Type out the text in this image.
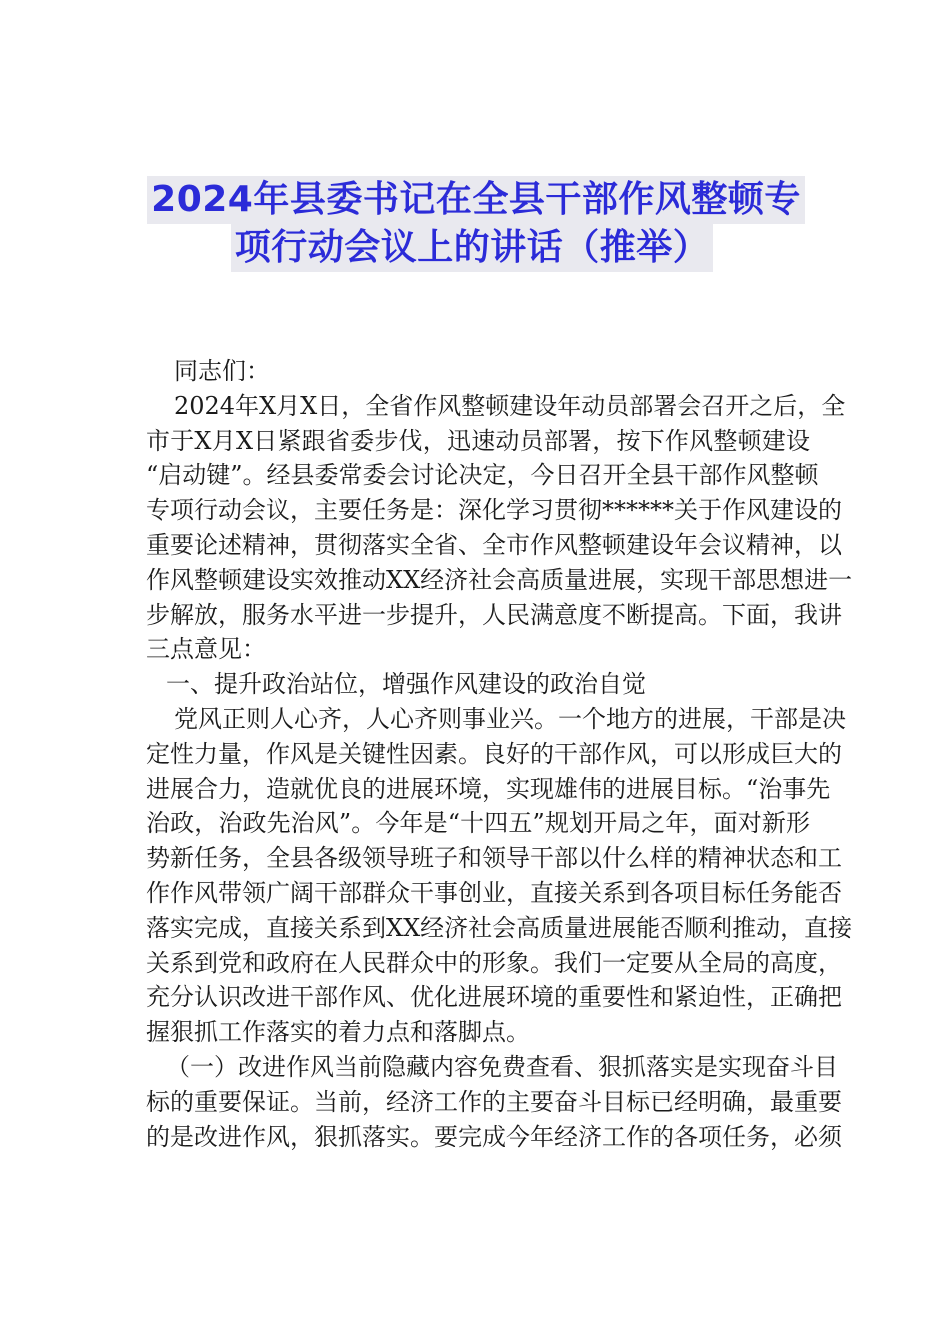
2024年县委书记在全县干部作风整顿专
项行动会议上的讲话（推举）

同志们：

2024年X月X日，全省作风整顿建设年动员部署会召开之后，全
市于X月X日紧跟省委步伐，迅速动员部署，按下作风整顿建设
“启动键”。经县委常委会讨论决定，今日召开全县干部作风整顿
专项行动会议，主要任务是：深化学习贯彻******关于作风建设的
重要论述精神，贯彻落实全省、全市作风整顿建设年会议精神，以
作风整顿建设实效推动XX经济社会高质量进展，实现干部思想进一
步解放，服务水平进一步提升，人民满意度不断提高。下面，我讲
三点意见：

一、提升政治站位，增强作风建设的政治自觉

党风正则人心齐，人心齐则事业兴。一个地方的进展，干部是决
定性力量，作风是关键性因素。良好的干部作风，可以形成巨大的
进展合力，造就优良的进展环境，实现雄伟的进展目标。“治事先
治政，治政先治风”。今年是“十四五”规划开局之年，面对新形
势新任务，全县各级领导班子和领导干部以什么样的精神状态和工
作作风带领广阔干部群众干事创业，直接关系到各项目标任务能否
落实完成，直接关系到XX经济社会高质量进展能否顺利推动，直接
关系到党和政府在人民群众中的形象。我们一定要从全局的高度，
充分认识改进干部作风、优化进展环境的重要性和紧迫性，正确把
握狠抓工作落实的着力点和落脚点。

（一）改进作风当前隐藏内容免费查看、狠抓落实是实现奋斗目
标的重要保证。当前，经济工作的主要奋斗目标已经明确，最重要
的是改进作风，狠抓落实。要完成今年经济工作的各项任务，必须
